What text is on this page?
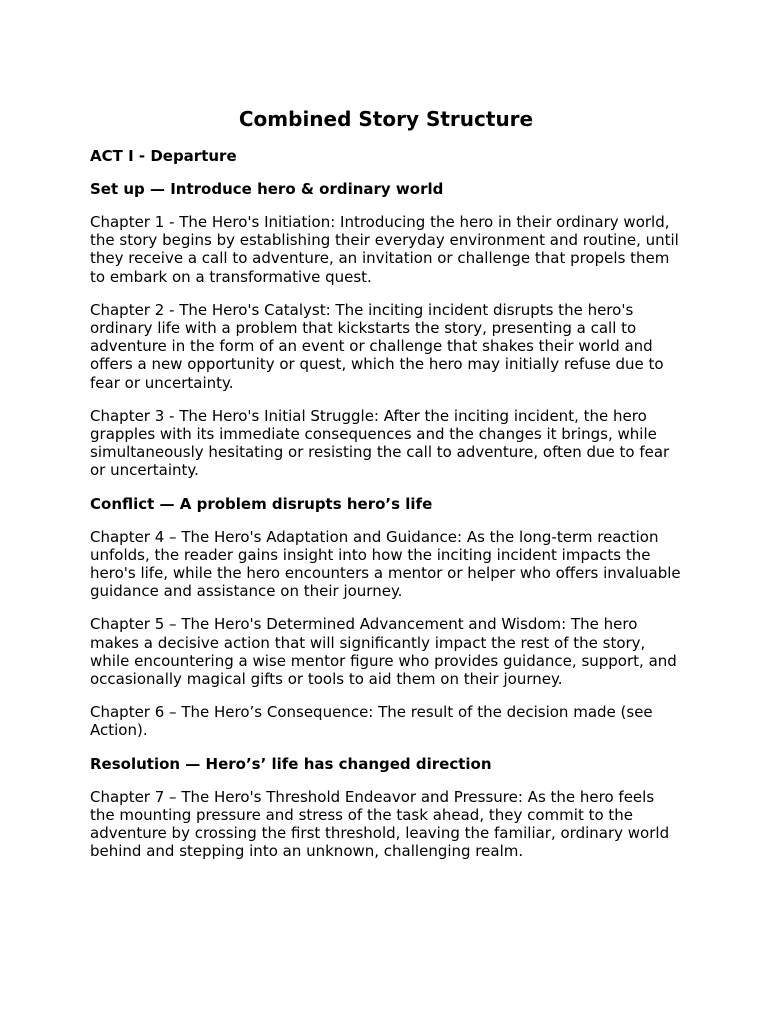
Combined Story Structure
ACT I - Departure
Set up — Introduce hero & ordinary world
Chapter 1 - The Hero's Initiation: Introducing the hero in their ordinary world, the story begins by establishing their everyday environment and routine, until they receive a call to adventure, an invitation or challenge that propels them to embark on a transformative quest.
Chapter 2 - The Hero's Catalyst: The inciting incident disrupts the hero's ordinary life with a problem that kickstarts the story, presenting a call to adventure in the form of an event or challenge that shakes their world and offers a new opportunity or quest, which the hero may initially refuse due to fear or uncertainty.
Chapter 3 - The Hero's Initial Struggle: After the inciting incident, the hero grapples with its immediate consequences and the changes it brings, while simultaneously hesitating or resisting the call to adventure, often due to fear or uncertainty.
Conflict — A problem disrupts hero’s life
Chapter 4 – The Hero's Adaptation and Guidance: As the long-term reaction unfolds, the reader gains insight into how the inciting incident impacts the hero's life, while the hero encounters a mentor or helper who offers invaluable guidance and assistance on their journey.
Chapter 5 – The Hero's Determined Advancement and Wisdom: The hero makes a decisive action that will significantly impact the rest of the story, while encountering a wise mentor figure who provides guidance, support, and occasionally magical gifts or tools to aid them on their journey.
Chapter 6 – The Hero’s Consequence: The result of the decision made (see Action).
Resolution — Hero’s’ life has changed direction
Chapter 7 – The Hero's Threshold Endeavor and Pressure: As the hero feels the mounting pressure and stress of the task ahead, they commit to the adventure by crossing the first threshold, leaving the familiar, ordinary world behind and stepping into an unknown, challenging realm.
